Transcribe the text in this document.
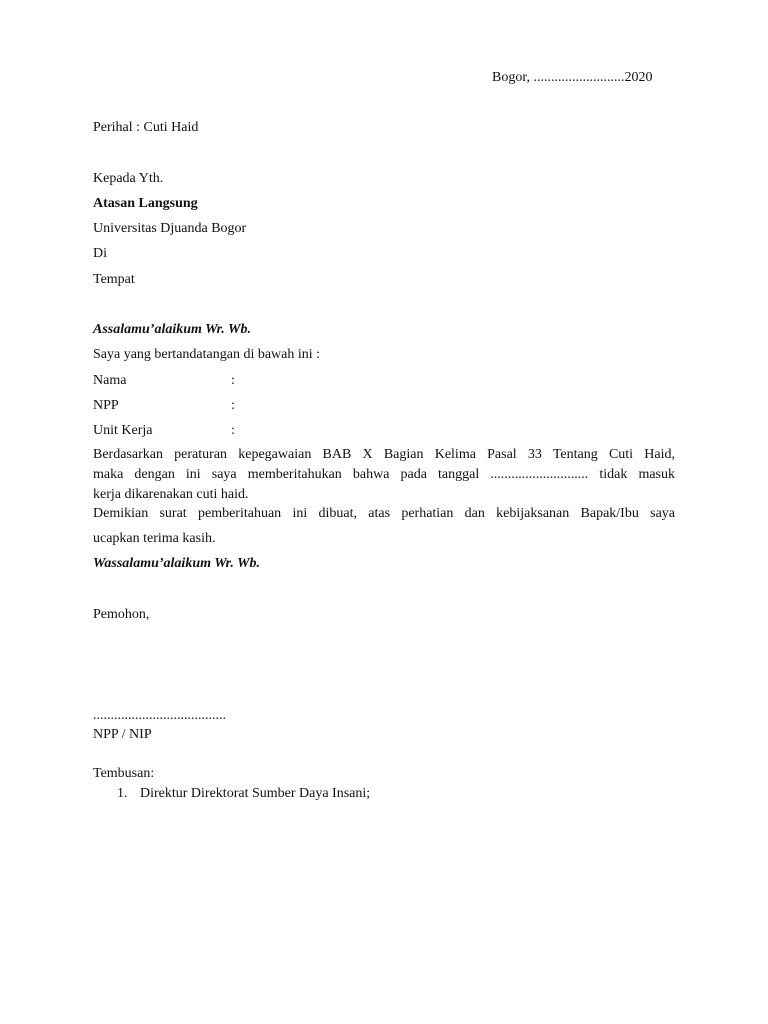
Bogor, ..........................2020
Perihal : Cuti Haid
Kepada Yth.
Atasan Langsung
Universitas Djuanda Bogor
Di
Tempat
Assalamu’alaikum Wr. Wb.
Saya yang bertandatangan di bawah ini :
Nama	:
NPP	:
Unit Kerja	:
Berdasarkan peraturan kepegawaian BAB X Bagian Kelima Pasal 33 Tentang Cuti Haid,
maka dengan ini saya memberitahukan bahwa pada tanggal ............................ tidak masuk
kerja dikarenakan cuti haid.
Demikian surat pemberitahuan ini dibuat, atas perhatian dan kebijaksanan Bapak/Ibu saya
ucapkan terima kasih.
Wassalamu’alaikum Wr. Wb.
Pemohon,
......................................
NPP / NIP
Tembusan:
1. Direktur Direktorat Sumber Daya Insani;
